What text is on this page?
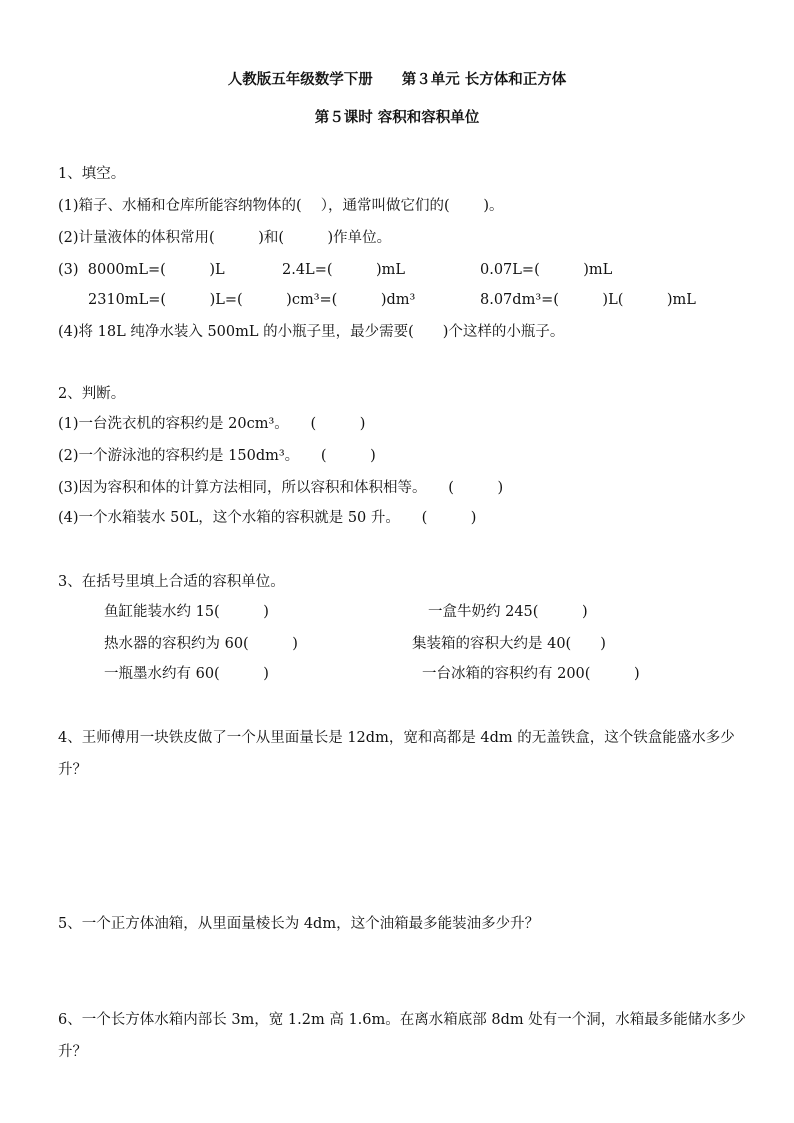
人教版五年级数学下册　　第３单元 长方体和正方体
第５课时 容积和容积单位
1、填空。
(1)箱子、水桶和仓库所能容纳物体的(　 ），通常叫做它们的(　　 )。
(2)计量液体的体积常用(　　　)和(　　　)作单位。
(3)  8000mL=(　　　)L	2.4L=(　　　)mL	0.07L=(　　　)mL
2310mL=(　　　)L=(　　　)cm³=(　　　)dm³	8.07dm³=(　　　)L(　　　)mL
(4)将 18L 纯净水装入 500mL 的小瓶子里，最少需要(　　)个这样的小瓶子。
2、判断。
(1)一台洗衣机的容积约是 20cm³。　　(　　　)
(2)一个游泳池的容积约是 150dm³。　　(　　　)
(3)因为容积和体的计算方法相同，所以容积和体积相等。　　(　　　)
(4)一个水箱装水 50L，这个水箱的容积就是 50 升。　　(　　　)
3、在括号里填上合适的容积单位。
鱼缸能装水约 15(　　　)	一盒牛奶约 245(　　　)
热水器的容积约为 60(　　　)	集装箱的容积大约是 40(　　)
一瓶墨水约有 60(　　　)	一台冰箱的容积约有 200(　　　)
4、王师傅用一块铁皮做了一个从里面量长是 12dm，宽和高都是 4dm 的无盖铁盒，这个铁盒能盛水多少升？
5、一个正方体油箱，从里面量棱长为 4dm，这个油箱最多能装油多少升？
6、一个长方体水箱内部长 3m，宽 1.2m 高 1.6m。在离水箱底部 8dm 处有一个洞，水箱最多能储水多少升？
